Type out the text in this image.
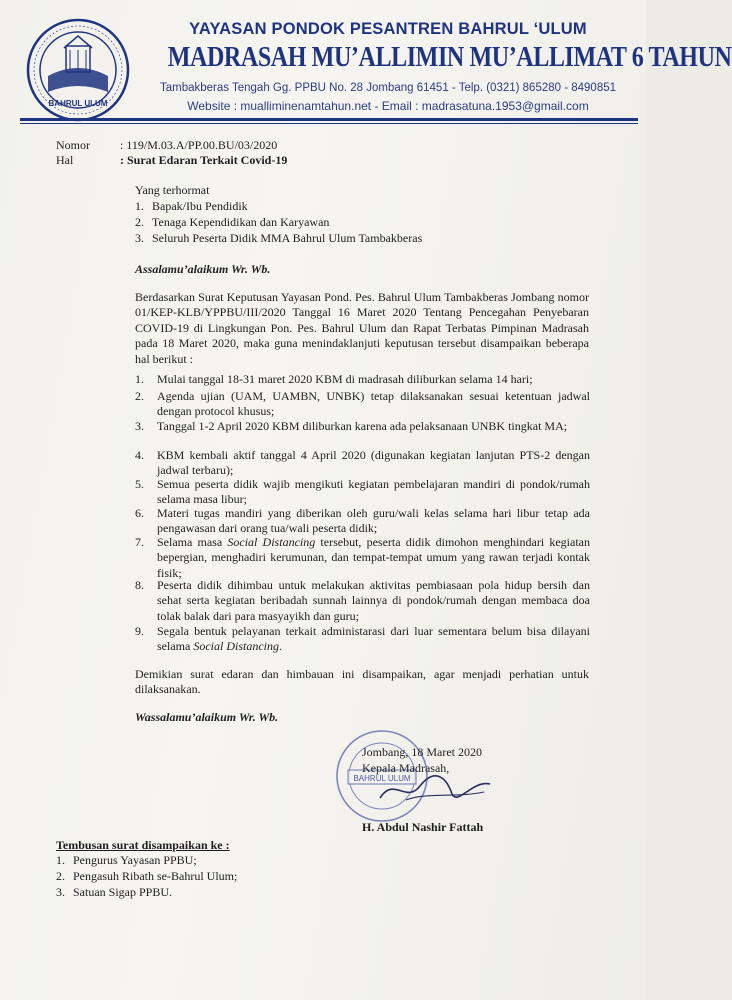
BAHRUL ULUM
YAYASAN PONDOK PESANTREN BAHRUL ‘ULUM
MADRASAH MU’ALLIMIN MU’ALLIMAT 6 TAHUN
Tambakberas Tengah Gg. PPBU No. 28 Jombang 61451 - Telp. (0321) 865280 - 8490851
Website : mualliminenamtahun.net - Email : madrasatuna.1953@gmail.com
Nomor	: 119/M.03.A/PP.00.BU/03/2020
Hal	: Surat Edaran Terkait Covid-19
Yang terhormat
1. Bapak/Ibu Pendidik
2. Tenaga Kependidikan dan Karyawan
3. Seluruh Peserta Didik MMA Bahrul Ulum Tambakberas
Assalamu’alaikum Wr. Wb.
Berdasarkan Surat Keputusan Yayasan Pond. Pes. Bahrul Ulum Tambakberas Jombang nomor 01/KEP-KLB/YPPBU/III/2020 Tanggal 16 Maret 2020 Tentang Pencegahan Penyebaran COVID-19 di Lingkungan Pon. Pes. Bahrul Ulum dan Rapat Terbatas Pimpinan Madrasah pada 18 Maret 2020, maka guna menindaklanjuti keputusan tersebut disampaikan beberapa hal berikut :
1.	Mulai tanggal 18-31 maret 2020 KBM di madrasah diliburkan selama 14 hari;
2.	Agenda ujian (UAM, UAMBN, UNBK) tetap dilaksanakan sesuai ketentuan jadwal dengan protocol khusus;
3.	Tanggal 1-2 April 2020 KBM diliburkan karena ada pelaksanaan UNBK tingkat MA;
4.	KBM kembali aktif tanggal 4 April 2020 (digunakan kegiatan lanjutan PTS-2 dengan jadwal terbaru);
5.	Semua peserta didik wajib mengikuti kegiatan pembelajaran mandiri di pondok/rumah selama masa libur;
6.	Materi tugas mandiri yang diberikan oleh guru/wali kelas selama hari libur tetap ada pengawasan dari orang tua/wali peserta didik;
7.	Selama masa Social Distancing tersebut, peserta didik dimohon menghindari kegiatan bepergian, menghadiri kerumunan, dan tempat-tempat umum yang rawan terjadi kontak fisik;
8.	Peserta didik dihimbau untuk melakukan aktivitas pembiasaan pola hidup bersih dan sehat serta kegiatan beribadah sunnah lainnya di pondok/rumah dengan membaca doa tolak balak dari para masyayikh dan guru;
9.	Segala bentuk pelayanan terkait administarasi dari luar sementara belum bisa dilayani selama Social Distancing.
Demikian surat edaran dan himbauan ini disampaikan, agar menjadi perhatian untuk dilaksanakan.
Wassalamu’alaikum Wr. Wb.
BAHRUL ULUM
Jombang, 18 Maret 2020
Kepala Madrasah,
H. Abdul Nashir Fattah
Tembusan surat disampaikan ke :
1. Pengurus Yayasan PPBU;
2. Pengasuh Ribath se-Bahrul Ulum;
3. Satuan Sigap PPBU.
